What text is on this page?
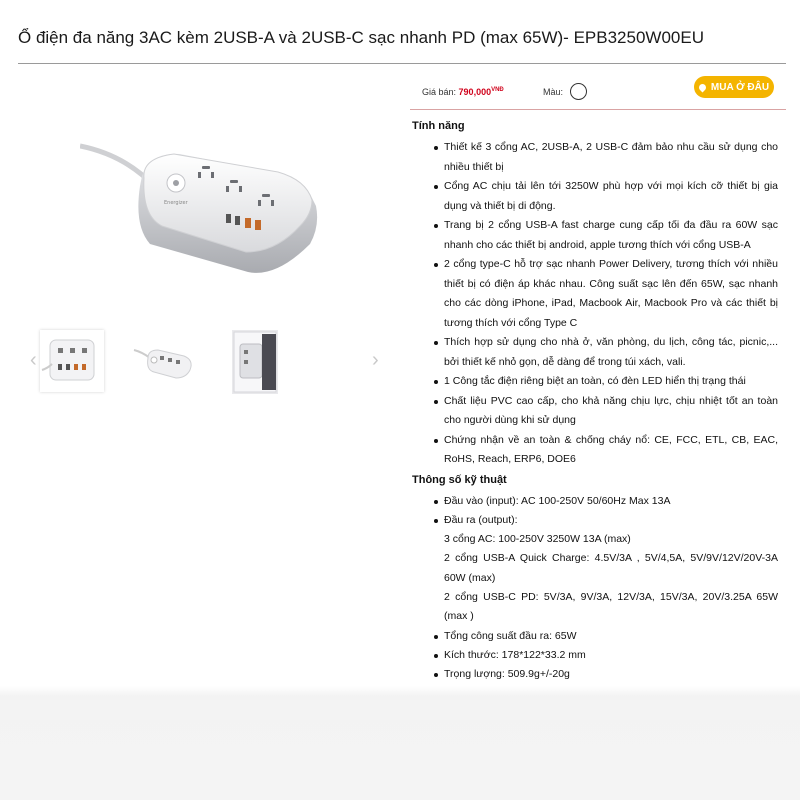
Ổ điện đa năng 3AC kèm 2USB-A và 2USB-C sạc nhanh PD (max 65W)- EPB3250W00EU
Energizer
‹	›
Giá bán: $790,000^{VNĐ}$	Màu:	MUA Ở ĐÂU
Tính năng
Thiết kế 3 cổng AC, 2USB-A, 2 USB-C đảm bảo nhu cầu sử dụng cho nhiều thiết bị
Cổng AC chịu tải lên tới 3250W phù hợp với mọi kích cỡ thiết bị gia dụng và thiết bị di động.
Trang bị 2 cổng USB-A fast charge cung cấp tối đa đầu ra 60W sạc nhanh cho các thiết bị android, apple tương thích với cổng USB-A
2 cổng type-C hỗ trợ sạc nhanh Power Delivery, tương thích với nhiều thiết bị có điện áp khác nhau. Công suất sạc lên đến 65W, sạc nhanh cho các dòng iPhone, iPad, Macbook Air, Macbook Pro và các thiết bị tương thích với cổng Type C
Thích hợp sử dụng cho nhà ở, văn phòng, du lịch, công tác, picnic,... bởi thiết kế nhỏ gọn, dễ dàng để trong túi xách, vali.
1 Công tắc điện riêng biệt an toàn, có đèn LED hiển thị trạng thái
Chất liệu PVC cao cấp, cho khả năng chịu lực, chịu nhiệt tốt an toàn cho người dùng khi sử dụng
Chứng nhận về an toàn & chống cháy nổ: CE, FCC, ETL, CB, EAC, RoHS, Reach, ERP6, DOE6
Thông số kỹ thuật
Đầu vào (input): AC 100-250V 50/60Hz Max 13A
Đầu ra (output):
3 cổng AC: 100-250V 3250W 13A (max)
2 cổng USB-A Quick Charge: 4.5V/3A , 5V/4,5A, 5V/9V/12V/20V-3A 60W (max)
2 cổng USB-C PD: 5V/3A, 9V/3A, 12V/3A, 15V/3A, 20V/3.25A 65W (max )
Tổng công suất đầu ra: 65W
Kích thước: 178*122*33.2 mm
Trọng lượng: 509.9g+/-20g
